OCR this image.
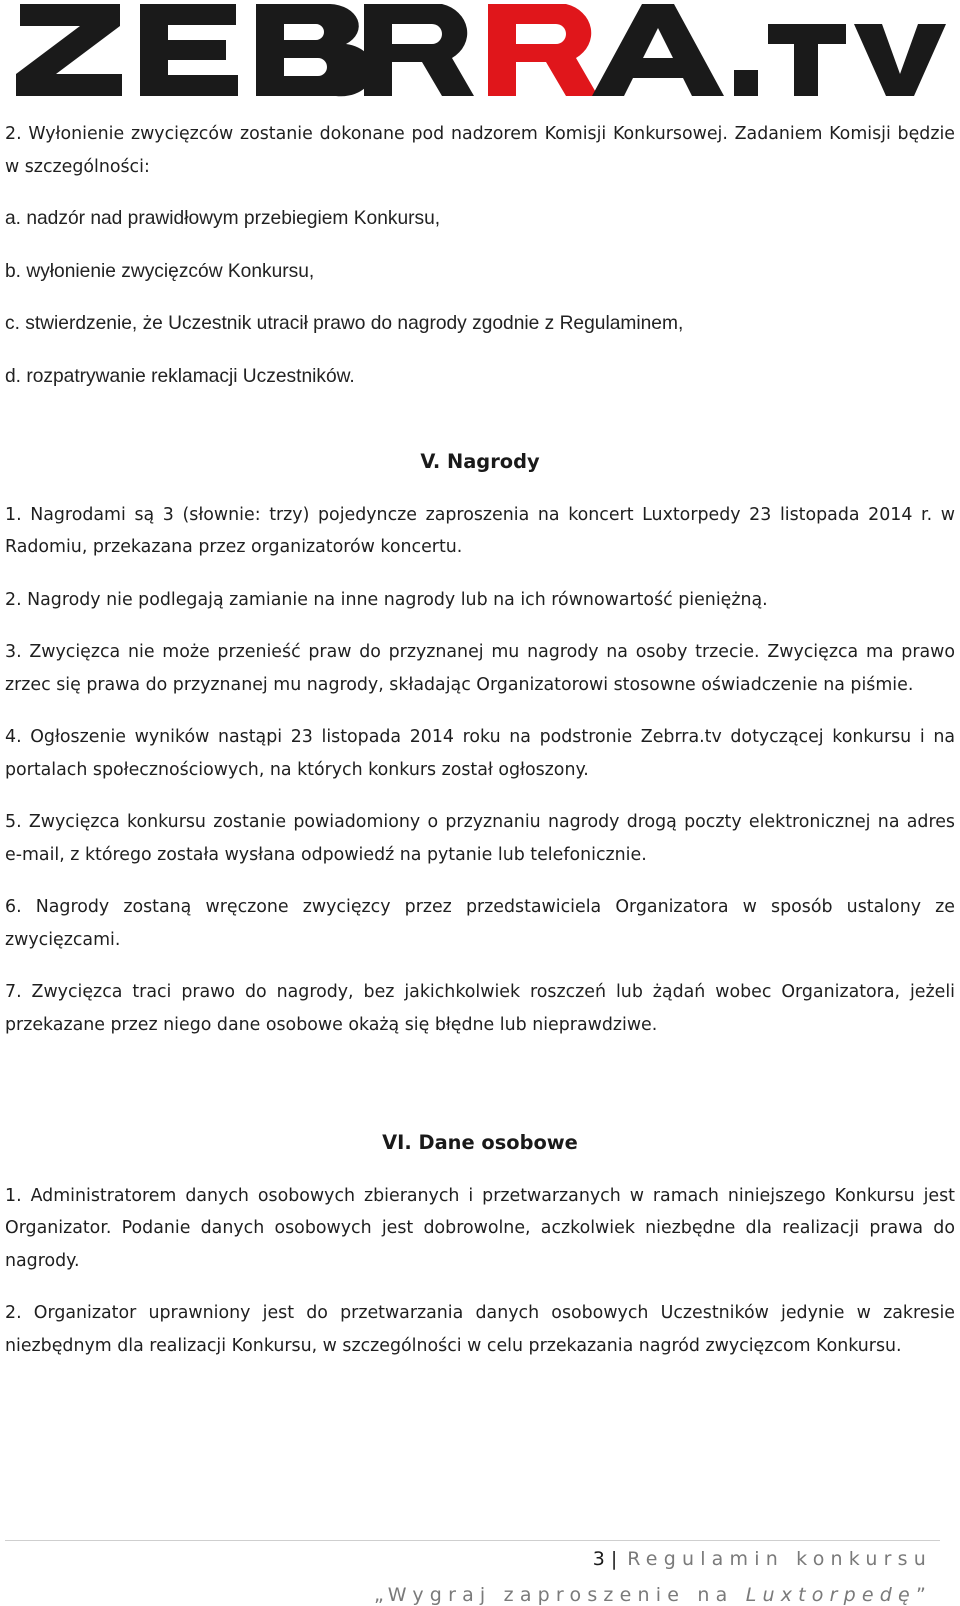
2. Wyłonienie zwycięzców zostanie dokonane pod nadzorem Komisji Konkursowej. Zadaniem Komisji będzie w szczególności:

a. nadzór nad prawidłowym przebiegiem Konkursu,

b. wyłonienie zwycięzców Konkursu,

c. stwierdzenie, że Uczestnik utracił prawo do nagrody zgodnie z Regulaminem,

d. rozpatrywanie reklamacji Uczestników.

V. Nagrody

1. Nagrodami są 3 (słownie: trzy) pojedyncze zaproszenia na koncert Luxtorpedy 23 listopada 2014 r. w Radomiu, przekazana przez organizatorów koncertu.

2. Nagrody nie podlegają zamianie na inne nagrody lub na ich równowartość pieniężną.

3. Zwycięzca nie może przenieść praw do przyznanej mu nagrody na osoby trzecie. Zwycięzca ma prawo zrzec się prawa do przyznanej mu nagrody, składając Organizatorowi stosowne oświadczenie na piśmie.

4. Ogłoszenie wyników nastąpi 23 listopada 2014 roku na podstronie Zebrra.tv dotyczącej konkursu i na portalach społecznościowych, na których konkurs został ogłoszony.

5. Zwycięzca konkursu zostanie powiadomiony o przyznaniu nagrody drogą poczty elektronicznej na adres e-mail, z którego została wysłana odpowiedź na pytanie lub telefonicznie.

6. Nagrody zostaną wręczone zwycięzcy przez przedstawiciela Organizatora w sposób ustalony ze zwycięzcami.

7. Zwycięzca traci prawo do nagrody, bez jakichkolwiek roszczeń lub żądań wobec Organizatora, jeżeli przekazane przez niego dane osobowe okażą się błędne lub nieprawdziwe.

VI. Dane osobowe

1. Administratorem danych osobowych zbieranych i przetwarzanych w ramach niniejszego Konkursu jest Organizator. Podanie danych osobowych jest dobrowolne, aczkolwiek niezbędne dla realizacji prawa do nagrody.

2. Organizator uprawniony jest do przetwarzania danych osobowych Uczestników jedynie w zakresie niezbędnym dla realizacji Konkursu, w szczególności w celu przekazania nagród zwycięzcom Konkursu.

3 | Regulamin konkursu
„Wygraj zaproszenie na Luxtorpedę”
